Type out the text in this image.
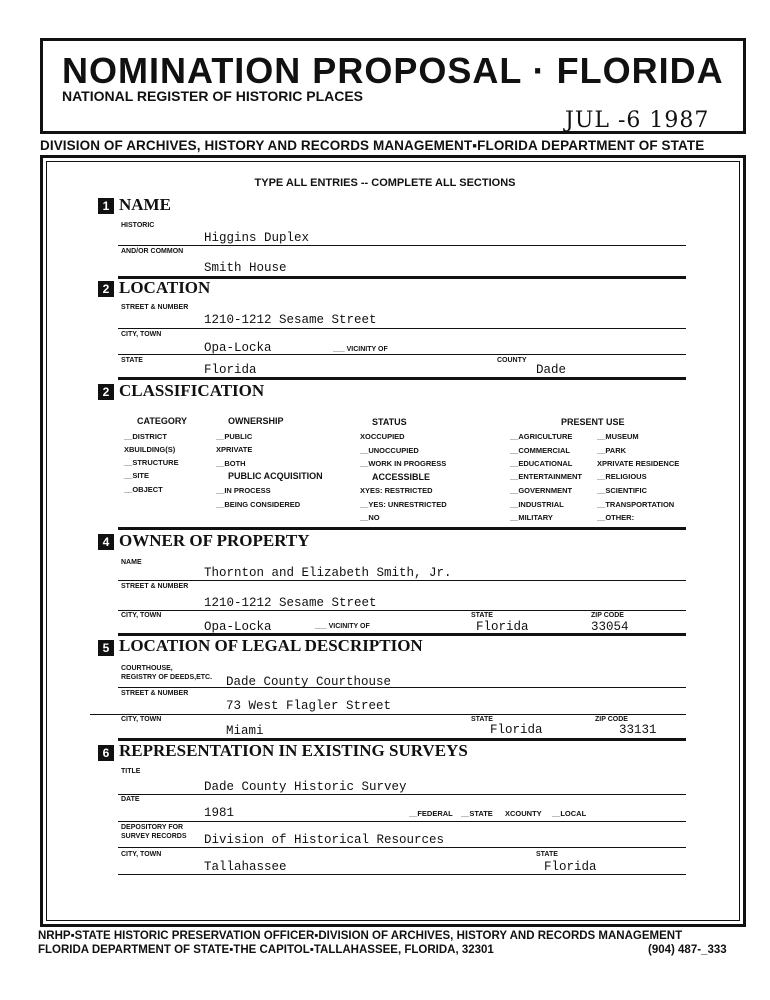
NOMINATION PROPOSAL · FLORIDA
NATIONAL REGISTER OF HISTORIC PLACES
JUL -6 1987
DIVISION OF ARCHIVES, HISTORY AND RECORDS MANAGEMENT▪FLORIDA DEPARTMENT OF STATE
TYPE ALL ENTRIES -- COMPLETE ALL SECTIONS
1 NAME
HISTORIC
Higgins Duplex
AND/OR COMMON
Smith House
2 LOCATION
STREET & NUMBER
1210-1212 Sesame Street
CITY, TOWN
Opa-Locka	___ VICINITY OF
STATE
Florida
COUNTY
Dade
2 CLASSIFICATION
CATEGORY
__DISTRICT
XBUILDING(S)
__STRUCTURE
__SITE
__OBJECT
OWNERSHIP
__PUBLIC
XPRIVATE
__BOTH
PUBLIC ACQUISITION
__IN PROCESS
__BEING CONSIDERED
STATUS
XOCCUPIED
__UNOCCUPIED
__WORK IN PROGRESS
ACCESSIBLE
XYES: RESTRICTED
__YES: UNRESTRICTED
__NO
PRESENT USE
__AGRICULTURE
__COMMERCIAL
__EDUCATIONAL
__ENTERTAINMENT
__GOVERNMENT
__INDUSTRIAL
__MILITARY
__MUSEUM
__PARK
XPRIVATE RESIDENCE
__RELIGIOUS
__SCIENTIFIC
__TRANSPORTATION
__OTHER:
4 OWNER OF PROPERTY
NAME
Thornton and Elizabeth Smith, Jr.
STREET & NUMBER
1210-1212 Sesame Street
CITY, TOWN
Opa-Locka	___ VICINITY OF
STATE
Florida
ZIP CODE
33054
5 LOCATION OF LEGAL DESCRIPTION
COURTHOUSE,
REGISTRY OF DEEDS,ETC. Dade County Courthouse
STREET & NUMBER
73 West Flagler Street
CITY, TOWN
Miami
STATE
Florida
ZIP CODE
33131
6 REPRESENTATION IN EXISTING SURVEYS
TITLE
Dade County Historic Survey
DATE
1981	__FEDERAL __STATE XCOUNTY __LOCAL
DEPOSITORY FOR
SURVEY RECORDS Division of Historical Resources
CITY, TOWN
Tallahassee
STATE
Florida
NRHP▪STATE HISTORIC PRESERVATION OFFICER▪DIVISION OF ARCHIVES, HISTORY AND RECORDS MANAGEMENT
FLORIDA DEPARTMENT OF STATE▪THE CAPITOL▪TALLAHASSEE, FLORIDA, 32301	(904) 487-_333
